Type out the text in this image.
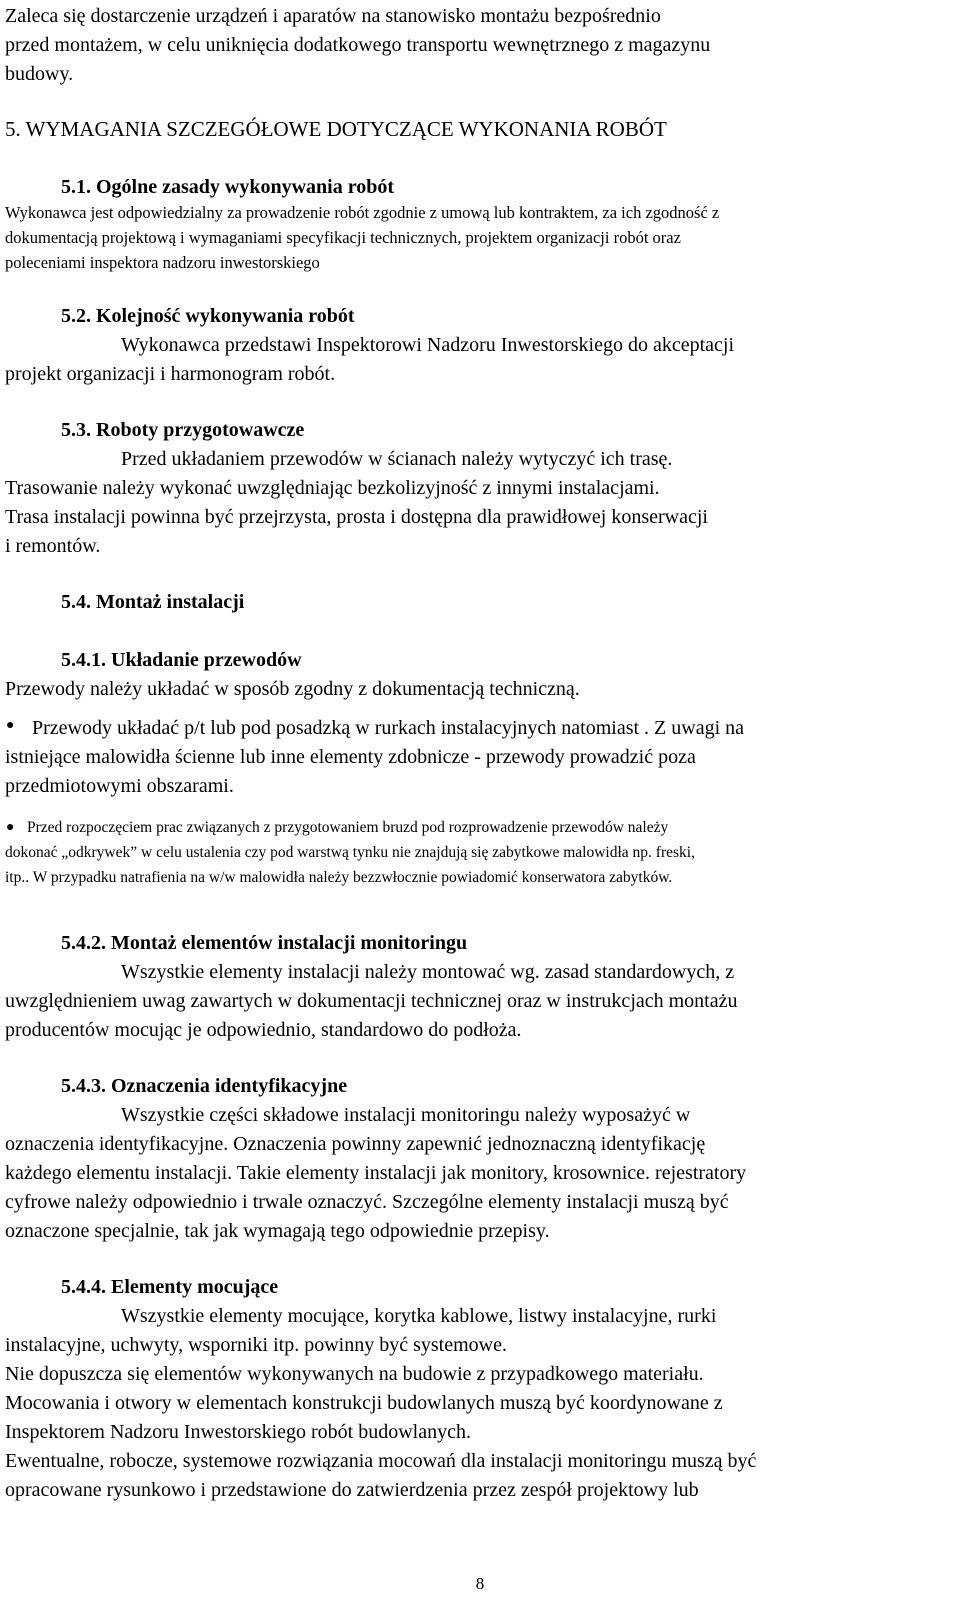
Zaleca się dostarczenie urządzeń i aparatów na stanowisko montażu bezpośrednio
przed montażem, w celu uniknięcia dodatkowego transportu wewnętrznego z magazynu
budowy.
5. WYMAGANIA SZCZEGÓŁOWE DOTYCZĄCE WYKONANIA ROBÓT
5.1. Ogólne zasady wykonywania robót
Wykonawca jest odpowiedzialny za prowadzenie robót zgodnie z umową lub kontraktem, za ich zgodność z
dokumentacją projektową i wymaganiami specyfikacji technicznych, projektem organizacji robót oraz
poleceniami inspektora nadzoru inwestorskiego
5.2. Kolejność wykonywania robót
Wykonawca przedstawi Inspektorowi Nadzoru Inwestorskiego do akceptacji
projekt organizacji i harmonogram robót.
5.3. Roboty przygotowawcze
Przed układaniem przewodów w ścianach należy wytyczyć ich trasę.
Trasowanie należy wykonać uwzględniając bezkolizyjność z innymi instalacjami.
Trasa instalacji powinna być przejrzysta, prosta i dostępna dla prawidłowej konserwacji
i remontów.
5.4. Montaż instalacji
5.4.1. Układanie przewodów
Przewody należy układać w sposób zgodny z dokumentacją techniczną.
● Przewody układać p/t lub pod posadzką w rurkach instalacyjnych natomiast . Z uwagi na
istniejące malowidła ścienne lub inne elementy zdobnicze - przewody prowadzić poza
przedmiotowymi obszarami.
● Przed rozpoczęciem prac związanych z przygotowaniem bruzd pod rozprowadzenie przewodów należy
dokonać „odkrywek” w celu ustalenia czy pod warstwą tynku nie znajdują się zabytkowe malowidła np. freski,
itp.. W przypadku natrafienia na w/w malowidła należy bezzwłocznie powiadomić konserwatora zabytków.
5.4.2. Montaż elementów instalacji monitoringu
Wszystkie elementy instalacji należy montować wg. zasad standardowych, z
uwzględnieniem uwag zawartych w dokumentacji technicznej oraz w instrukcjach montażu
producentów mocując je odpowiednio, standardowo do podłoża.
5.4.3. Oznaczenia identyfikacyjne
Wszystkie części składowe instalacji monitoringu należy wyposażyć w
oznaczenia identyfikacyjne. Oznaczenia powinny zapewnić jednoznaczną identyfikację
każdego elementu instalacji. Takie elementy instalacji jak monitory, krosownice. rejestratory
cyfrowe należy odpowiednio i trwale oznaczyć. Szczególne elementy instalacji muszą być
oznaczone specjalnie, tak jak wymagają tego odpowiednie przepisy.
5.4.4. Elementy mocujące
Wszystkie elementy mocujące, korytka kablowe, listwy instalacyjne, rurki
instalacyjne, uchwyty, wsporniki itp. powinny być systemowe.
Nie dopuszcza się elementów wykonywanych na budowie z przypadkowego materiału.
Mocowania i otwory w elementach konstrukcji budowlanych muszą być koordynowane z
Inspektorem Nadzoru Inwestorskiego robót budowlanych.
Ewentualne, robocze, systemowe rozwiązania mocowań dla instalacji monitoringu muszą być
opracowane rysunkowo i przedstawione do zatwierdzenia przez zespół projektowy lub
8
